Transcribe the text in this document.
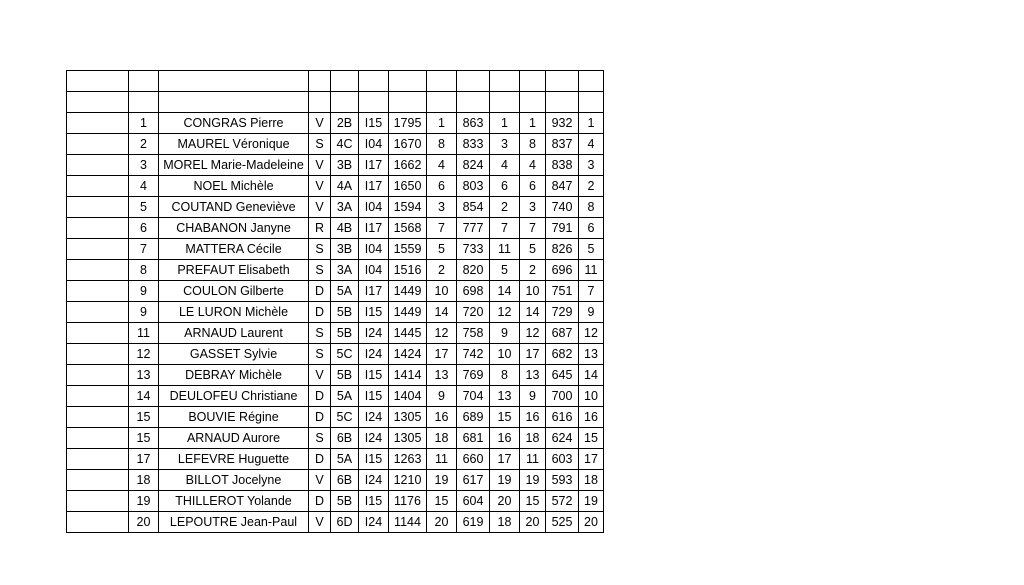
	1	CONGRAS Pierre	V	2B	I15	1795	1	863	1	1	932	1
	2	MAUREL Véronique	S	4C	I04	1670	8	833	3	8	837	4
	3	MOREL Marie-Madeleine	V	3B	I17	1662	4	824	4	4	838	3
	4	NOEL Michèle	V	4A	I17	1650	6	803	6	6	847	2
	5	COUTAND Geneviève	V	3A	I04	1594	3	854	2	3	740	8
	6	CHABANON Janyne	R	4B	I17	1568	7	777	7	7	791	6
	7	MATTERA Cécile	S	3B	I04	1559	5	733	11	5	826	5
	8	PREFAUT Elisabeth	S	3A	I04	1516	2	820	5	2	696	11
	9	COULON Gilberte	D	5A	I17	1449	10	698	14	10	751	7
	9	LE LURON Michèle	D	5B	I15	1449	14	720	12	14	729	9
	11	ARNAUD Laurent	S	5B	I24	1445	12	758	9	12	687	12
	12	GASSET Sylvie	S	5C	I24	1424	17	742	10	17	682	13
	13	DEBRAY Michèle	V	5B	I15	1414	13	769	8	13	645	14
	14	DEULOFEU Christiane	D	5A	I15	1404	9	704	13	9	700	10
	15	BOUVIE Régine	D	5C	I24	1305	16	689	15	16	616	16
	15	ARNAUD Aurore	S	6B	I24	1305	18	681	16	18	624	15
	17	LEFEVRE Huguette	D	5A	I15	1263	11	660	17	11	603	17
	18	BILLOT Jocelyne	V	6B	I24	1210	19	617	19	19	593	18
	19	THILLEROT Yolande	D	5B	I15	1176	15	604	20	15	572	19
	20	LEPOUTRE Jean-Paul	V	6D	I24	1144	20	619	18	20	525	20
